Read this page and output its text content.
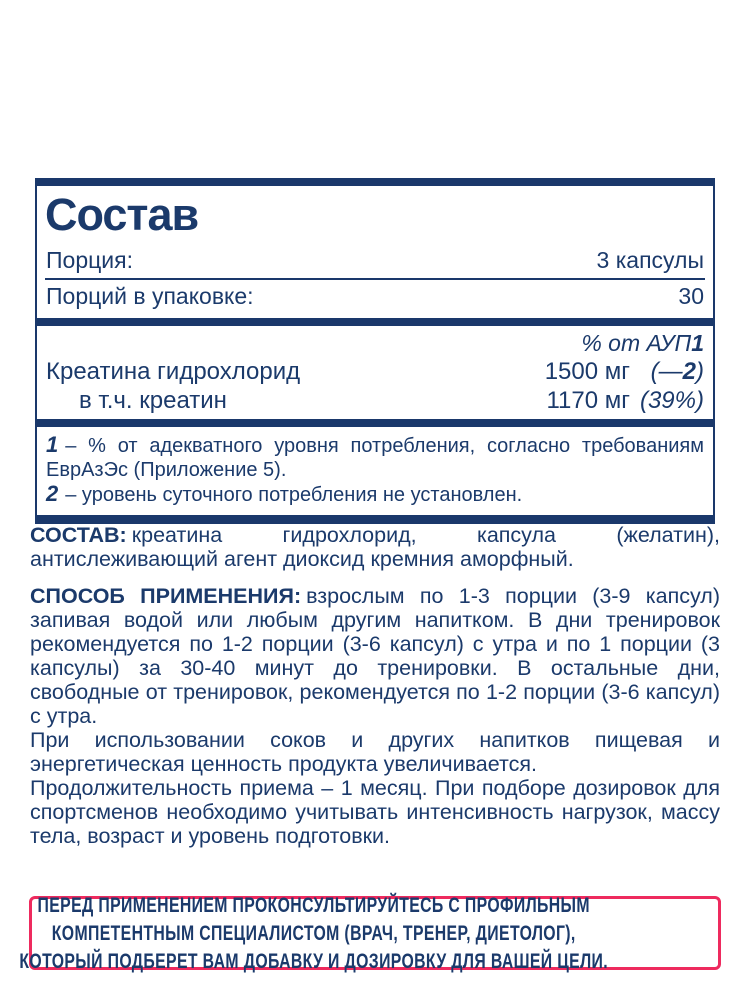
Состав
Порция:	3 капсулы
Порций в упаковке:	30
% от АУП1
Креатина гидрохлорид	1500 мг (—2)
в т.ч. креатин	1170 мг (39%)

1 – % от адекватного уровня потребления, согласно требованиям ЕврАзЭс (Приложение 5).

2 – уровень суточного потребления не установлен.

СОСТАВ: креатина гидрохлорид, капсула (желатин), антислеживающий агент диоксид кремния аморфный.

СПОСОБ ПРИМЕНЕНИЯ: взрослым по 1-3 порции (3-9 капсул) запивая водой или любым другим напитком. В дни тренировок рекомендуется по 1-2 порции (3-6 капсул) с утра и по 1 порции (3 капсулы) за 30-40 минут до тренировки. В остальные дни, свободные от тренировок, рекомендуется по 1-2 порции (3-6 капсул) с утра.

При использовании соков и других напитков пищевая и энергетическая ценность продукта увеличивается.

Продолжительность приема – 1 месяц. При подборе дозировок для спортсменов необходимо учитывать интенсивность нагрузок, массу тела, возраст и уровень подготовки.

ПЕРЕД ПРИМЕНЕНИЕМ ПРОКОНСУЛЬТИРУЙТЕСЬ С ПРОФИЛЬНЫМ КОМПЕТЕНТНЫМ СПЕЦИАЛИСТОМ (ВРАЧ, ТРЕНЕР, ДИЕТОЛОГ), КОТОРЫЙ ПОДБЕРЕТ ВАМ ДОБАВКУ И ДОЗИРОВКУ ДЛЯ ВАШЕЙ ЦЕЛИ.
